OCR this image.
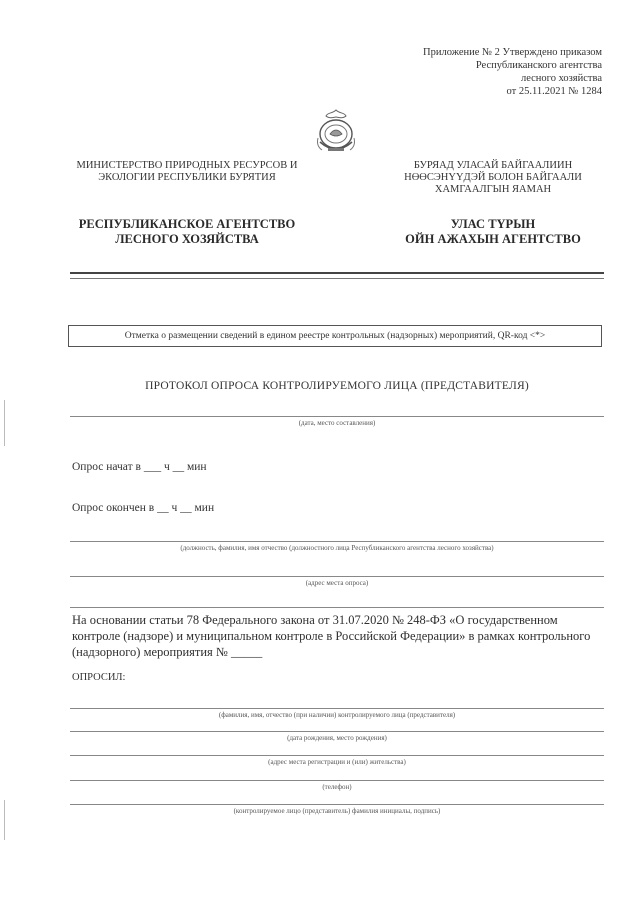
Приложение № 2 Утверждено приказом
Республиканского агентства
лесного хозяйства
от 25.11.2021 № 1284
МИНИСТЕРСТВО ПРИРОДНЫХ РЕСУРСОВ И
ЭКОЛОГИИ РЕСПУБЛИКИ БУРЯТИЯ
БУРЯАД УЛАСАЙ БАЙГААЛИИН
НӨӨСЭНҮҮДЭЙ БОЛОН БАЙГААЛИ
ХАМГААЛГЫН ЯАМАН
РЕСПУБЛИКАНСКОЕ АГЕНТСТВО
ЛЕСНОГО ХОЗЯЙСТВА
УЛАС ТҮРЫН
ОЙН АЖАХЫН АГЕНТСТВО
Отметка о размещении сведений в едином реестре контрольных (надзорных) мероприятий, QR-код <*>
ПРОТОКОЛ ОПРОСА КОНТРОЛИРУЕМОГО ЛИЦА (ПРЕДСТАВИТЕЛЯ)
(дата, место составления)
Опрос начат в ___ ч __ мин
Опрос окончен в __ ч __ мин
(должность, фамилия, имя отчество (должностного лица Республиканского агентства лесного хозяйства)
(адрес места опроса)
На основании статьи 78 Федерального закона от 31.07.2020 № 248-ФЗ «О государственном контроле (надзоре) и муниципальном контроле в Российской Федерации» в рамках контрольного (надзорного) мероприятия № _____
ОПРОСИЛ:
(фамилия, имя, отчество (при наличии) контролируемого лица (представителя)
(дата рождения, место рождения)
(адрес места регистрации и (или) жительства)
(телефон)
(контролируемое лицо (представитель) фамилия инициалы, подпись)
